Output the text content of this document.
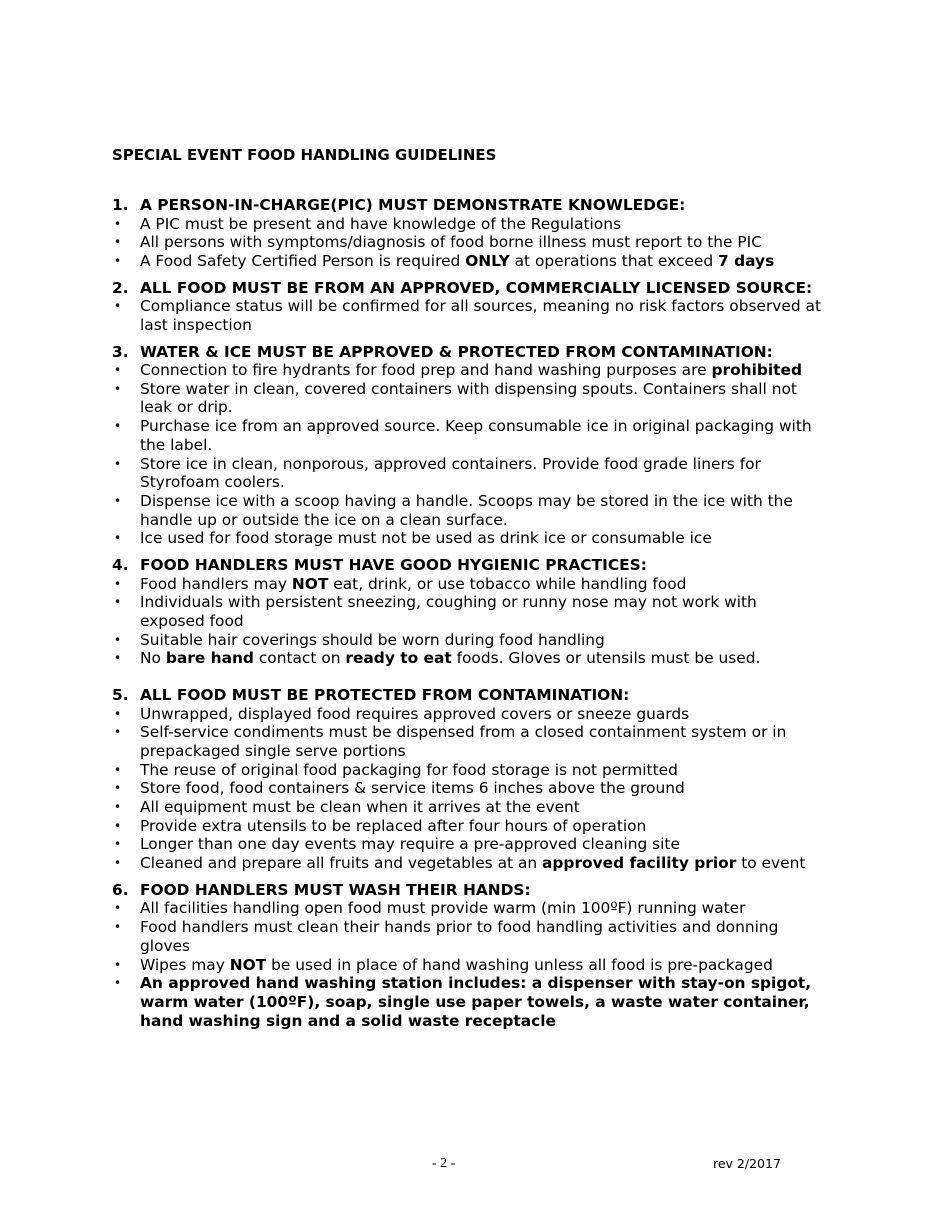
SPECIAL EVENT FOOD HANDLING GUIDELINES
1. A PERSON-IN-CHARGE(PIC) MUST DEMONSTRATE KNOWLEDGE:
• A PIC must be present and have knowledge of the Regulations
• All persons with symptoms/diagnosis of food borne illness must report to the PIC
• A Food Safety Certified Person is required ONLY at operations that exceed 7 days
2. ALL FOOD MUST BE FROM AN APPROVED, COMMERCIALLY LICENSED SOURCE:
• Compliance status will be confirmed for all sources, meaning no risk factors observed at last inspection
3. WATER & ICE MUST BE APPROVED & PROTECTED FROM CONTAMINATION:
• Connection to fire hydrants for food prep and hand washing purposes are prohibited
• Store water in clean, covered containers with dispensing spouts. Containers shall not leak or drip.
• Purchase ice from an approved source. Keep consumable ice in original packaging with the label.
• Store ice in clean, nonporous, approved containers. Provide food grade liners for Styrofoam coolers.
• Dispense ice with a scoop having a handle. Scoops may be stored in the ice with the handle up or outside the ice on a clean surface.
• Ice used for food storage must not be used as drink ice or consumable ice
4. FOOD HANDLERS MUST HAVE GOOD HYGIENIC PRACTICES:
• Food handlers may NOT eat, drink, or use tobacco while handling food
• Individuals with persistent sneezing, coughing or runny nose may not work with exposed food
• Suitable hair coverings should be worn during food handling
• No bare hand contact on ready to eat foods. Gloves or utensils must be used.
5. ALL FOOD MUST BE PROTECTED FROM CONTAMINATION:
• Unwrapped, displayed food requires approved covers or sneeze guards
• Self-service condiments must be dispensed from a closed containment system or in prepackaged single serve portions
• The reuse of original food packaging for food storage is not permitted
• Store food, food containers & service items 6 inches above the ground
• All equipment must be clean when it arrives at the event
• Provide extra utensils to be replaced after four hours of operation
• Longer than one day events may require a pre-approved cleaning site
• Cleaned and prepare all fruits and vegetables at an approved facility prior to event
6. FOOD HANDLERS MUST WASH THEIR HANDS:
• All facilities handling open food must provide warm (min 100ºF) running water
• Food handlers must clean their hands prior to food handling activities and donning gloves
• Wipes may NOT be used in place of hand washing unless all food is pre-packaged
• An approved hand washing station includes: a dispenser with stay-on spigot, warm water (100ºF), soap, single use paper towels, a waste water container, hand washing sign and a solid waste receptacle
- 2 -	rev 2/2017
